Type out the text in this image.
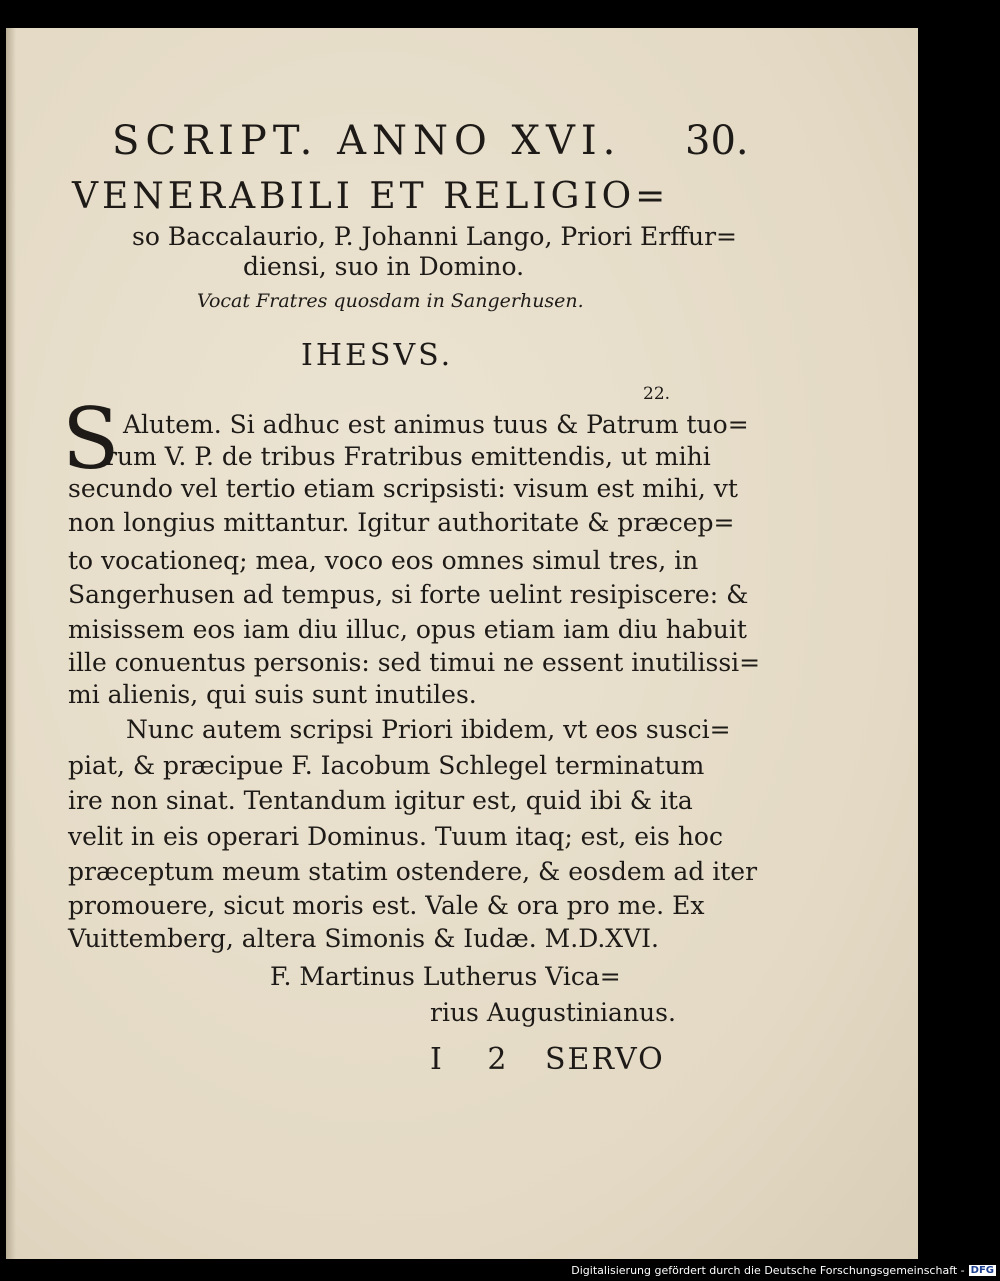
SCRIPT. ANNO XVI. 30.
VENERABILI ET RELIGIO=
so Baccalaurio, P. Johanni Lango, Priori Erffur=
diensi, suo in Domino.
Vocat Fratres quosdam in Sangerhusen.
IHESVS.
22.
S Alutem. Si adhuc est animus tuus & Patrum tuo=
rum V. P. de tribus Fratribus emittendis, ut mihi
secundo vel tertio etiam scripsisti: visum est mihi, vt
non longius mittantur. Igitur authoritate & præcep=
to vocationeq; mea, voco eos omnes simul tres, in
Sangerhusen ad tempus, si forte uelint resipiscere: &
misissem eos iam diu illuc, opus etiam iam diu habuit
ille conuentus personis: sed timui ne essent inutilissi=
mi alienis, qui suis sunt inutiles.
Nunc autem scripsi Priori ibidem, vt eos susci=
piat, & præcipue F. Iacobum Schlegel terminatum
ire non sinat. Tentandum igitur est, quid ibi & ita
velit in eis operari Dominus. Tuum itaq; est, eis hoc
præceptum meum statim ostendere, & eosdem ad iter
promouere, sicut moris est. Vale & ora pro me. Ex
Vuittemberg, altera Simonis & Iudæ. M.D.XVI.
F. Martinus Lutherus Vica=
rius Augustinianus.
I 2 SERVO
Digitalisierung gefördert durch die Deutsche Forschungsgemeinschaft - DFG
